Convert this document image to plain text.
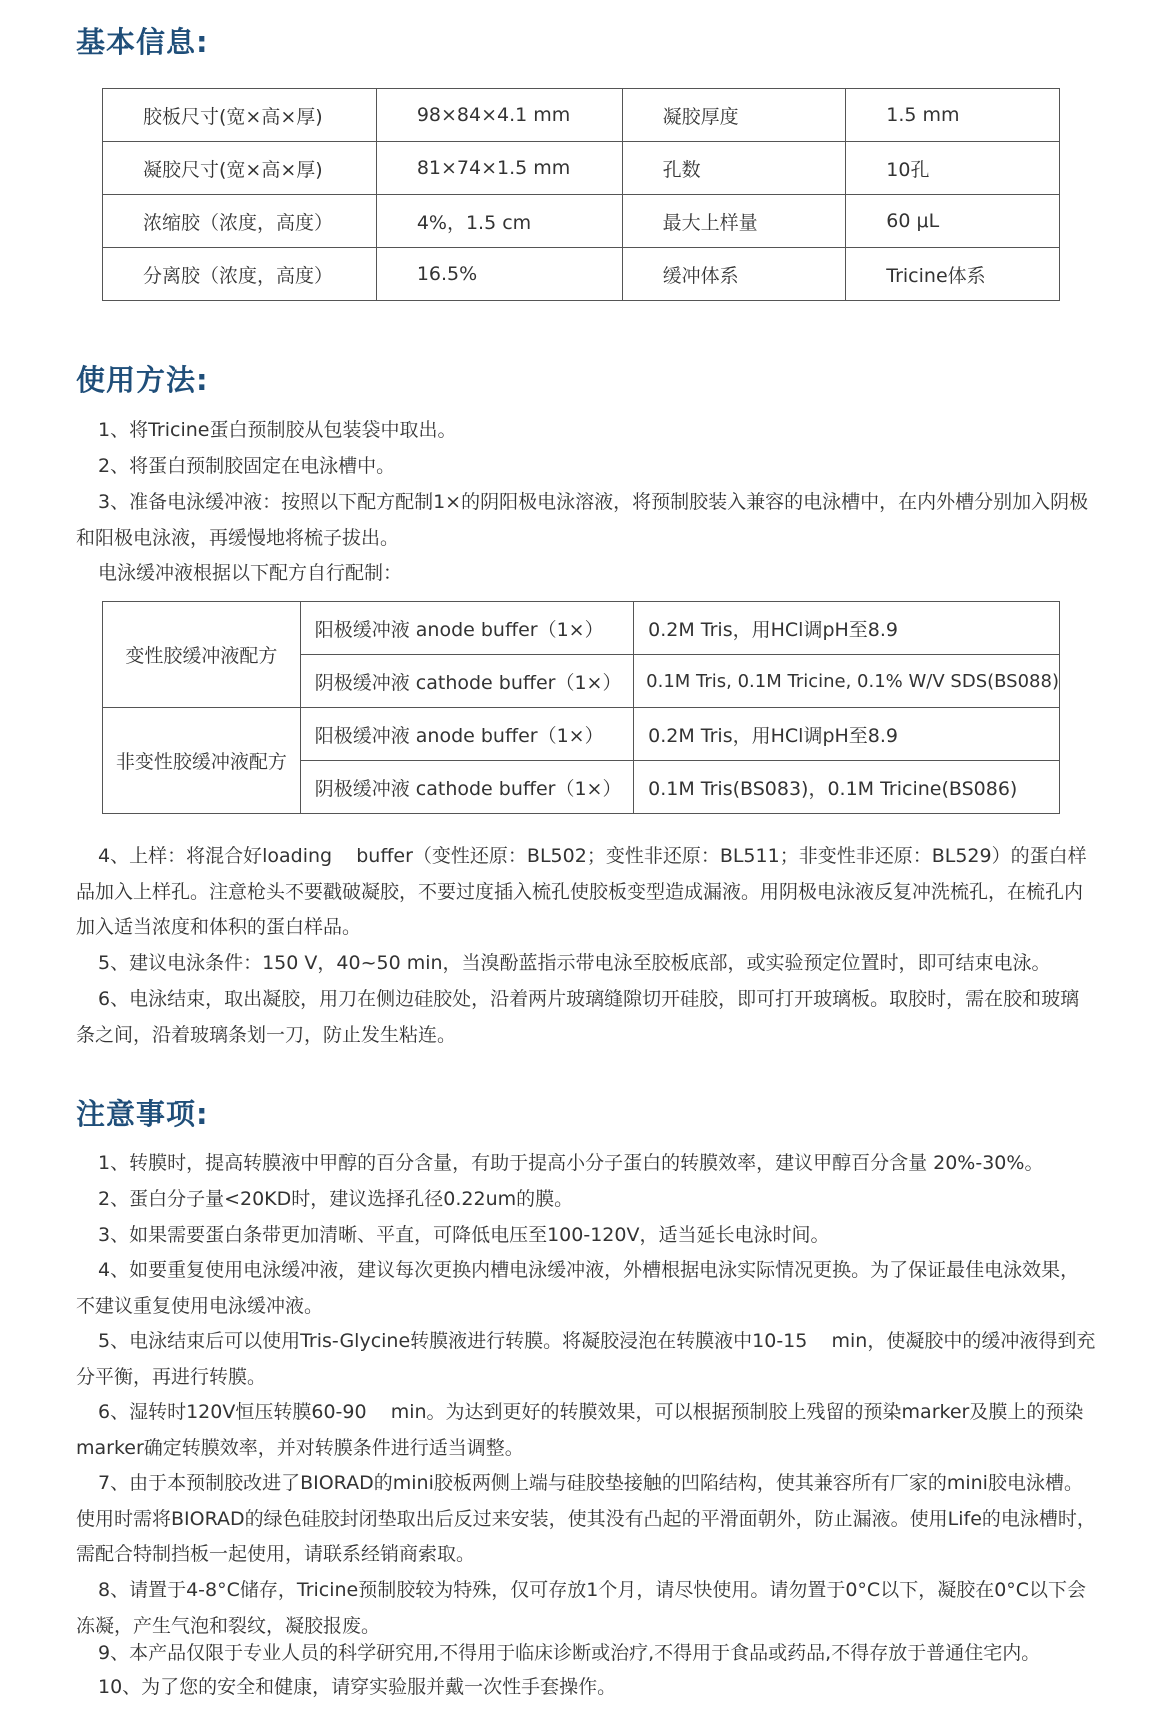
基本信息:
胶板尺寸(宽×高×厚)	98×84×4.1 mm	凝胶厚度	1.5 mm
凝胶尺寸(宽×高×厚)	81×74×1.5 mm	孔数	10孔
浓缩胶（浓度，高度）	4%，1.5 cm	最大上样量	60 μL
分离胶（浓度，高度）	16.5%	缓冲体系	Tricine体系
使用方法:

1、将Tricine蛋白预制胶从包装袋中取出。

2、将蛋白预制胶固定在电泳槽中。

3、准备电泳缓冲液：按照以下配方配制1×的阴阳极电泳溶液，将预制胶装入兼容的电泳槽中，在内外槽分别加入阴极和阳极电泳液，再缓慢地将梳子拔出。

电泳缓冲液根据以下配方自行配制：

变性胶缓冲液配方	阳极缓冲液 anode buffer（1×）	0.2M Tris，用HCl调pH至8.9
	阴极缓冲液 cathode buffer（1×）	0.1M Tris, 0.1M Tricine, 0.1% W/V SDS(BS088)
非变性胶缓冲液配方	阳极缓冲液 anode buffer（1×）	0.2M Tris，用HCl调pH至8.9
	阴极缓冲液 cathode buffer（1×）	0.1M Tris(BS083)，0.1M Tricine(BS086)

4、上样：将混合好loading    buffer（变性还原：BL502；变性非还原：BL511；非变性非还原：BL529）的蛋白样品加入上样孔。注意枪头不要戳破凝胶，不要过度插入梳孔使胶板变型造成漏液。用阴极电泳液反复冲洗梳孔，在梳孔内加入适当浓度和体积的蛋白样品。

5、建议电泳条件：150 V，40~50 min，当溴酚蓝指示带电泳至胶板底部，或实验预定位置时，即可结束电泳。

6、电泳结束，取出凝胶，用刀在侧边硅胶处，沿着两片玻璃缝隙切开硅胶，即可打开玻璃板。取胶时，需在胶和玻璃条之间，沿着玻璃条划一刀，防止发生粘连。

注意事项:

1、转膜时，提高转膜液中甲醇的百分含量，有助于提高小分子蛋白的转膜效率，建议甲醇百分含量 20%-30%。

2、蛋白分子量<20KD时，建议选择孔径0.22um的膜。

3、如果需要蛋白条带更加清晰、平直，可降低电压至100-120V，适当延长电泳时间。

4、如要重复使用电泳缓冲液，建议每次更换内槽电泳缓冲液，外槽根据电泳实际情况更换。为了保证最佳电泳效果，不建议重复使用电泳缓冲液。

5、电泳结束后可以使用Tris-Glycine转膜液进行转膜。将凝胶浸泡在转膜液中10-15    min，使凝胶中的缓冲液得到充分平衡，再进行转膜。

6、湿转时120V恒压转膜60-90    min。为达到更好的转膜效果，可以根据预制胶上残留的预染marker及膜上的预染marker确定转膜效率，并对转膜条件进行适当调整。

7、由于本预制胶改进了BIORAD的mini胶板两侧上端与硅胶垫接触的凹陷结构，使其兼容所有厂家的mini胶电泳槽。使用时需将BIORAD的绿色硅胶封闭垫取出后反过来安装，使其没有凸起的平滑面朝外，防止漏液。使用Life的电泳槽时，需配合特制挡板一起使用，请联系经销商索取。

8、请置于4-8°C储存，Tricine预制胶较为特殊，仅可存放1个月，请尽快使用。请勿置于0°C以下，凝胶在0°C以下会冻凝，产生气泡和裂纹，凝胶报废。

9、本产品仅限于专业人员的科学研究用,不得用于临床诊断或治疗,不得用于食品或药品,不得存放于普通住宅内。

10、为了您的安全和健康，请穿实验服并戴一次性手套操作。
